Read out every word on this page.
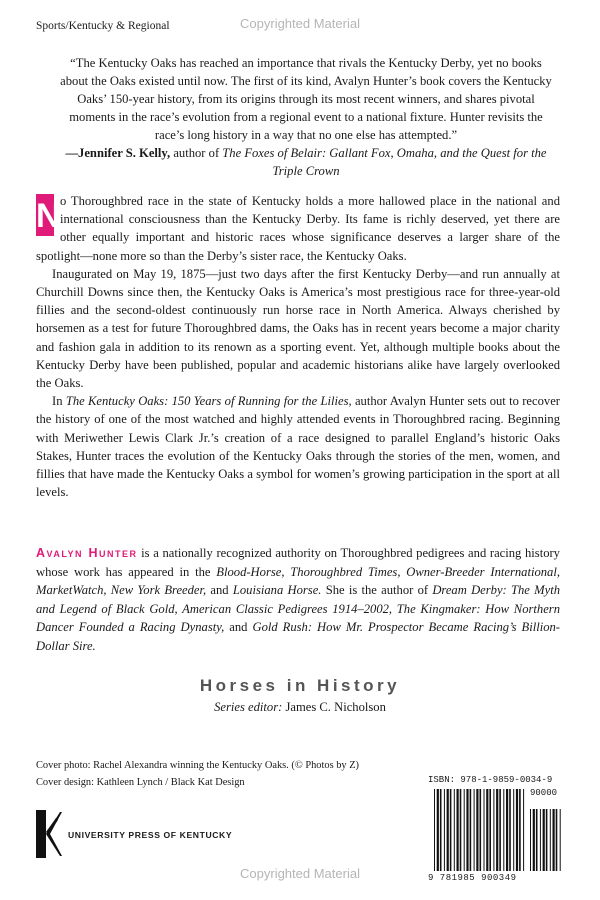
Sports/Kentucky & Regional	Copyrighted Material

“The Kentucky Oaks has reached an importance that rivals the Kentucky Derby, yet no books about the Oaks existed until now. The first of its kind, Avalyn Hunter’s book covers the Kentucky Oaks’ 150-year history, from its origins through its most recent winners, and shares pivotal moments in the race’s evolution from a regional event to a national fixture. Hunter revisits the race’s long history in a way that no one else has attempted.”

—Jennifer S. Kelly, author of The Foxes of Belair: Gallant Fox, Omaha, and the Quest for the Triple Crown

N o Thoroughbred race in the state of Kentucky holds a more hallowed place in the national and international consciousness than the Kentucky Derby. Its fame is richly deserved, yet there are other equally important and historic races whose significance deserves a larger share of the spotlight—none more so than the Derby’s sister race, the Kentucky Oaks.

Inaugurated on May 19, 1875—just two days after the first Kentucky Derby—and run annually at Churchill Downs since then, the Kentucky Oaks is America’s most prestigious race for three-year-old fillies and the second-oldest continuously run horse race in North America. Always cherished by horsemen as a test for future Thoroughbred dams, the Oaks has in recent years become a major charity and fashion gala in addition to its renown as a sporting event. Yet, although multiple books about the Kentucky Derby have been published, popular and academic historians alike have largely overlooked the Oaks.

In The Kentucky Oaks: 150 Years of Running for the Lilies, author Avalyn Hunter sets out to recover the history of one of the most watched and highly attended events in Thoroughbred racing. Beginning with Meriwether Lewis Clark Jr.’s creation of a race designed to parallel England’s historic Oaks Stakes, Hunter traces the evolution of the Kentucky Oaks through the stories of the men, women, and fillies that have made the Kentucky Oaks a symbol for women’s growing participation in the sport at all levels.

Avalyn Hunter is a nationally recognized authority on Thoroughbred pedigrees and racing history whose work has appeared in the Blood-Horse, Thoroughbred Times, Owner-Breeder International, MarketWatch, New York Breeder, and Louisiana Horse. She is the author of Dream Derby: The Myth and Legend of Black Gold, American Classic Pedigrees 1914–2002, The Kingmaker: How Northern Dancer Founded a Racing Dynasty, and Gold Rush: How Mr. Prospector Became Racing’s Billion-Dollar Sire.
Horses in History
Series editor: James C. Nicholson
Cover photo: Rachel Alexandra winning the Kentucky Oaks. (© Photos by Z)
Cover design: Kathleen Lynch / Black Kat Design
UNIVERSITY PRESS OF KENTUCKY
ISBN: 978-1-9859-0034-9
90000
9 781985 900349
Copyrighted Material
